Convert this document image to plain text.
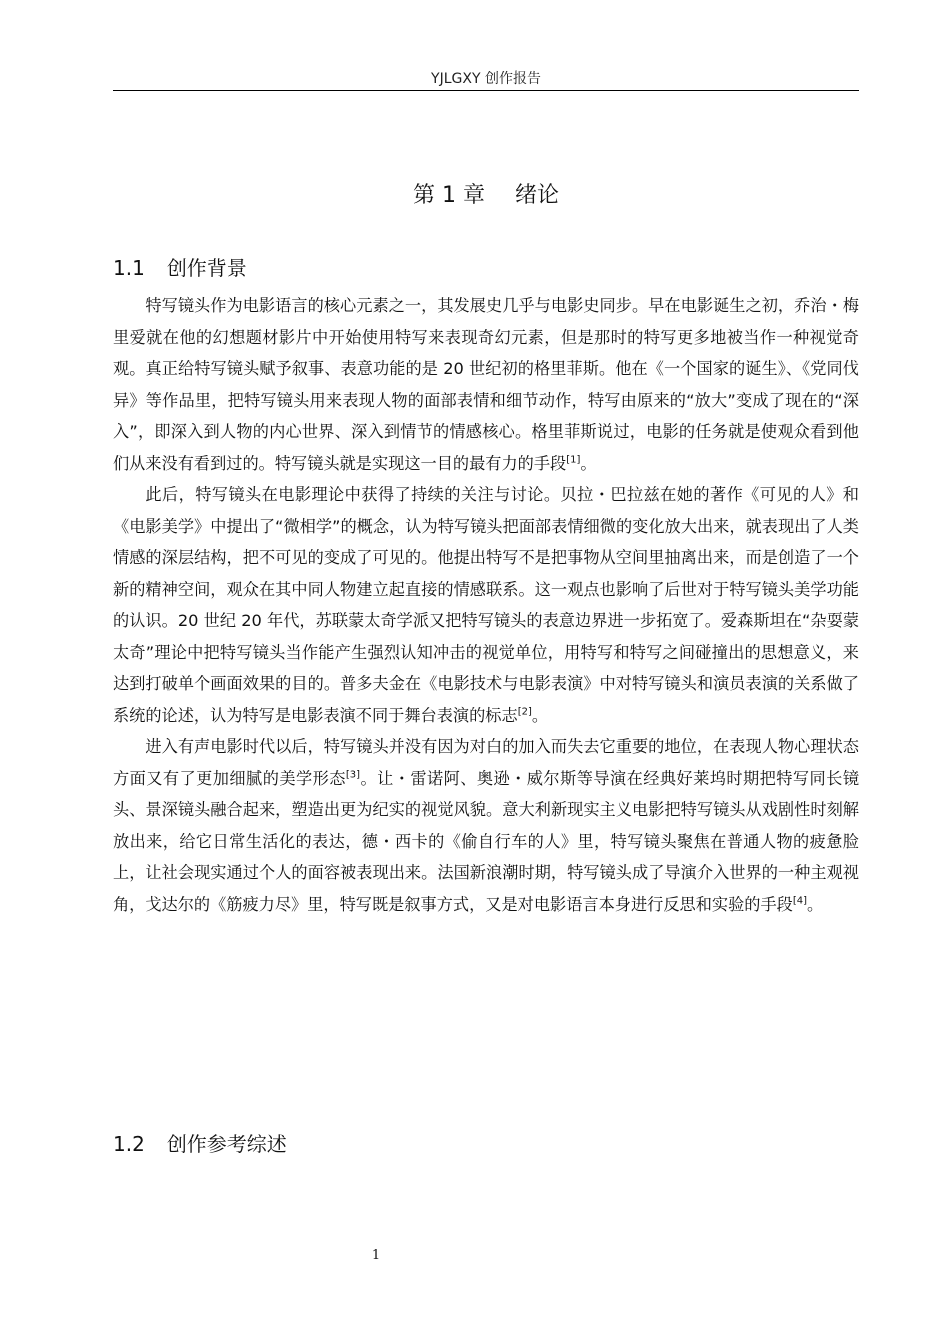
YJLGXY 创作报告
第 1 章 绪论
1.1 创作背景

特写镜头作为电影语言的核心元素之一，其发展史几乎与电影史同步。早在电影诞生之初，乔治・梅里爱就在他的幻想题材影片中开始使用特写来表现奇幻元素，但是那时的特写更多地被当作一种视觉奇观。真正给特写镜头赋予叙事、表意功能的是 20 世纪初的格里菲斯。他在《一个国家的诞生》、《党同伐异》等作品里，把特写镜头用来表现人物的面部表情和细节动作，特写由原来的“放大”变成了现在的“深入”，即深入到人物的内心世界、深入到情节的情感核心。格里菲斯说过，电影的任务就是使观众看到他们从来没有看到过的。特写镜头就是实现这一目的最有力的手段[1]。

此后，特写镜头在电影理论中获得了持续的关注与讨论。贝拉・巴拉兹在她的著作《可见的人》和《电影美学》中提出了“微相学”的概念，认为特写镜头把面部表情细微的变化放大出来，就表现出了人类情感的深层结构，把不可见的变成了可见的。他提出特写不是把事物从空间里抽离出来，而是创造了一个新的精神空间，观众在其中同人物建立起直接的情感联系。这一观点也影响了后世对于特写镜头美学功能的认识。20 世纪 20 年代，苏联蒙太奇学派又把特写镜头的表意边界进一步拓宽了。爱森斯坦在“杂耍蒙太奇”理论中把特写镜头当作能产生强烈认知冲击的视觉单位，用特写和特写之间碰撞出的思想意义，来达到打破单个画面效果的目的。普多夫金在《电影技术与电影表演》中对特写镜头和演员表演的关系做了系统的论述，认为特写是电影表演不同于舞台表演的标志[2]。

进入有声电影时代以后，特写镜头并没有因为对白的加入而失去它重要的地位，在表现人物心理状态方面又有了更加细腻的美学形态[3]。让・雷诺阿、奥逊・威尔斯等导演在经典好莱坞时期把特写同长镜头、景深镜头融合起来，塑造出更为纪实的视觉风貌。意大利新现实主义电影把特写镜头从戏剧性时刻解放出来，给它日常生活化的表达，德・西卡的《偷自行车的人》里，特写镜头聚焦在普通人物的疲惫脸上，让社会现实通过个人的面容被表现出来。法国新浪潮时期，特写镜头成了导演介入世界的一种主观视角，戈达尔的《筋疲力尽》里，特写既是叙事方式，又是对电影语言本身进行反思和实验的手段[4]。

1.2 创作参考综述
1
